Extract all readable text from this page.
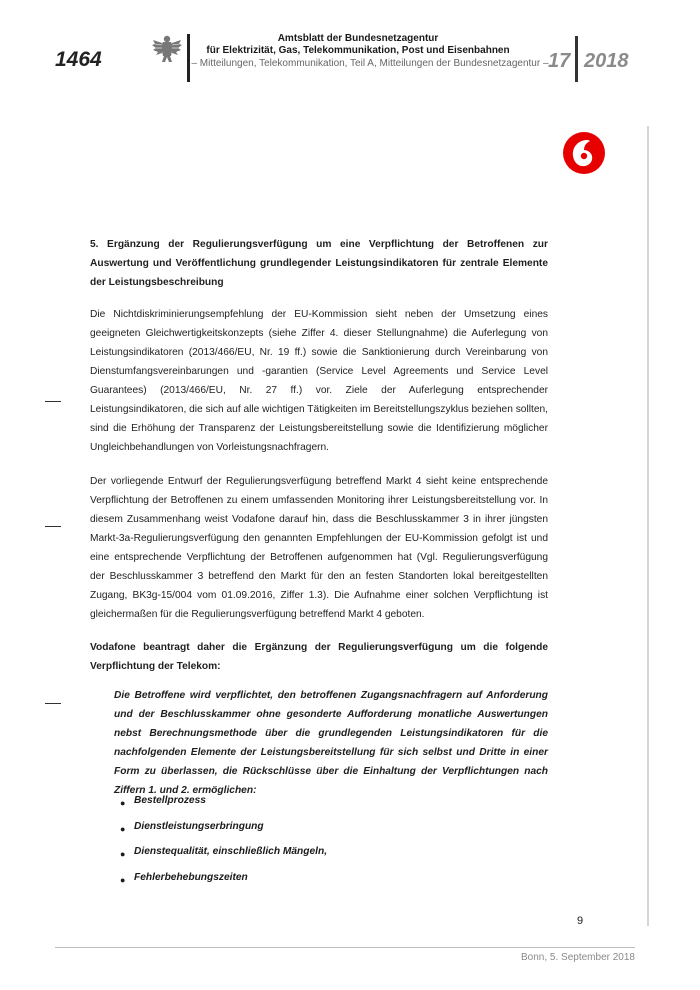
1464
Amtsblatt der Bundesnetzagentur
für Elektrizität, Gas, Telekommunikation, Post und Eisenbahnen
– Mitteilungen, Telekommunikation, Teil A, Mitteilungen der Bundesnetzagentur – 17 2018

5. Ergänzung der Regulierungsverfügung um eine Verpflichtung der Betroffenen zur Auswertung und Veröffentlichung grundlegender Leistungsindikatoren für zentrale Elemente der Leistungsbeschreibung

Die Nichtdiskriminierungsempfehlung der EU-Kommission sieht neben der Umsetzung eines geeigneten Gleichwertigkeitskonzepts (siehe Ziffer 4. dieser Stellungnahme) die Auferlegung von Leistungsindikatoren (2013/466/EU, Nr. 19 ff.) sowie die Sanktionierung durch Vereinbarung von Dienstumfangsvereinbarungen und -garantien (Service Level Agreements und Service Level Guarantees) (2013/466/EU, Nr. 27 ff.) vor. Ziele der Auferlegung entsprechender Leistungsindikatoren, die sich auf alle wichtigen Tätigkeiten im Bereitstellungszyklus beziehen sollten, sind die Erhöhung der Transparenz der Leistungsbereitstellung sowie die Identifizierung möglicher Ungleichbehandlungen von Vorleistungsnachfragern.

Der vorliegende Entwurf der Regulierungsverfügung betreffend Markt 4 sieht keine entsprechende Verpflichtung der Betroffenen zu einem umfassenden Monitoring ihrer Leistungsbereitstellung vor. In diesem Zusammenhang weist Vodafone darauf hin, dass die Beschlusskammer 3 in ihrer jüngsten Markt-3a-Regulierungsverfügung den genannten Empfehlungen der EU-Kommission gefolgt ist und eine entsprechende Verpflichtung der Betroffenen aufgenommen hat (Vgl. Regulierungsverfügung der Beschlusskammer 3 betreffend den Markt für den an festen Standorten lokal bereitgestellten Zugang, BK3g-15/004 vom 01.09.2016, Ziffer 1.3). Die Aufnahme einer solchen Verpflichtung ist gleichermaßen für die Regulierungsverfügung betreffend Markt 4 geboten.

Vodafone beantragt daher die Ergänzung der Regulierungsverfügung um die folgende Verpflichtung der Telekom:

Die Betroffene wird verpflichtet, den betroffenen Zugangsnachfragern auf Anforderung und der Beschlusskammer ohne gesonderte Aufforderung monatliche Auswertungen nebst Berechnungsmethode über die grundlegenden Leistungsindikatoren für die nachfolgenden Elemente der Leistungsbereitstellung für sich selbst und Dritte in einer Form zu überlassen, die Rückschlüsse über die Einhaltung der Verpflichtungen nach Ziffern 1. und 2. ermöglichen:

● Bestellprozess
● Dienstleistungserbringung
● Dienstequalität, einschließlich Mängeln,
● Fehlerbehebungszeiten
9
Bonn, 5. September 2018
